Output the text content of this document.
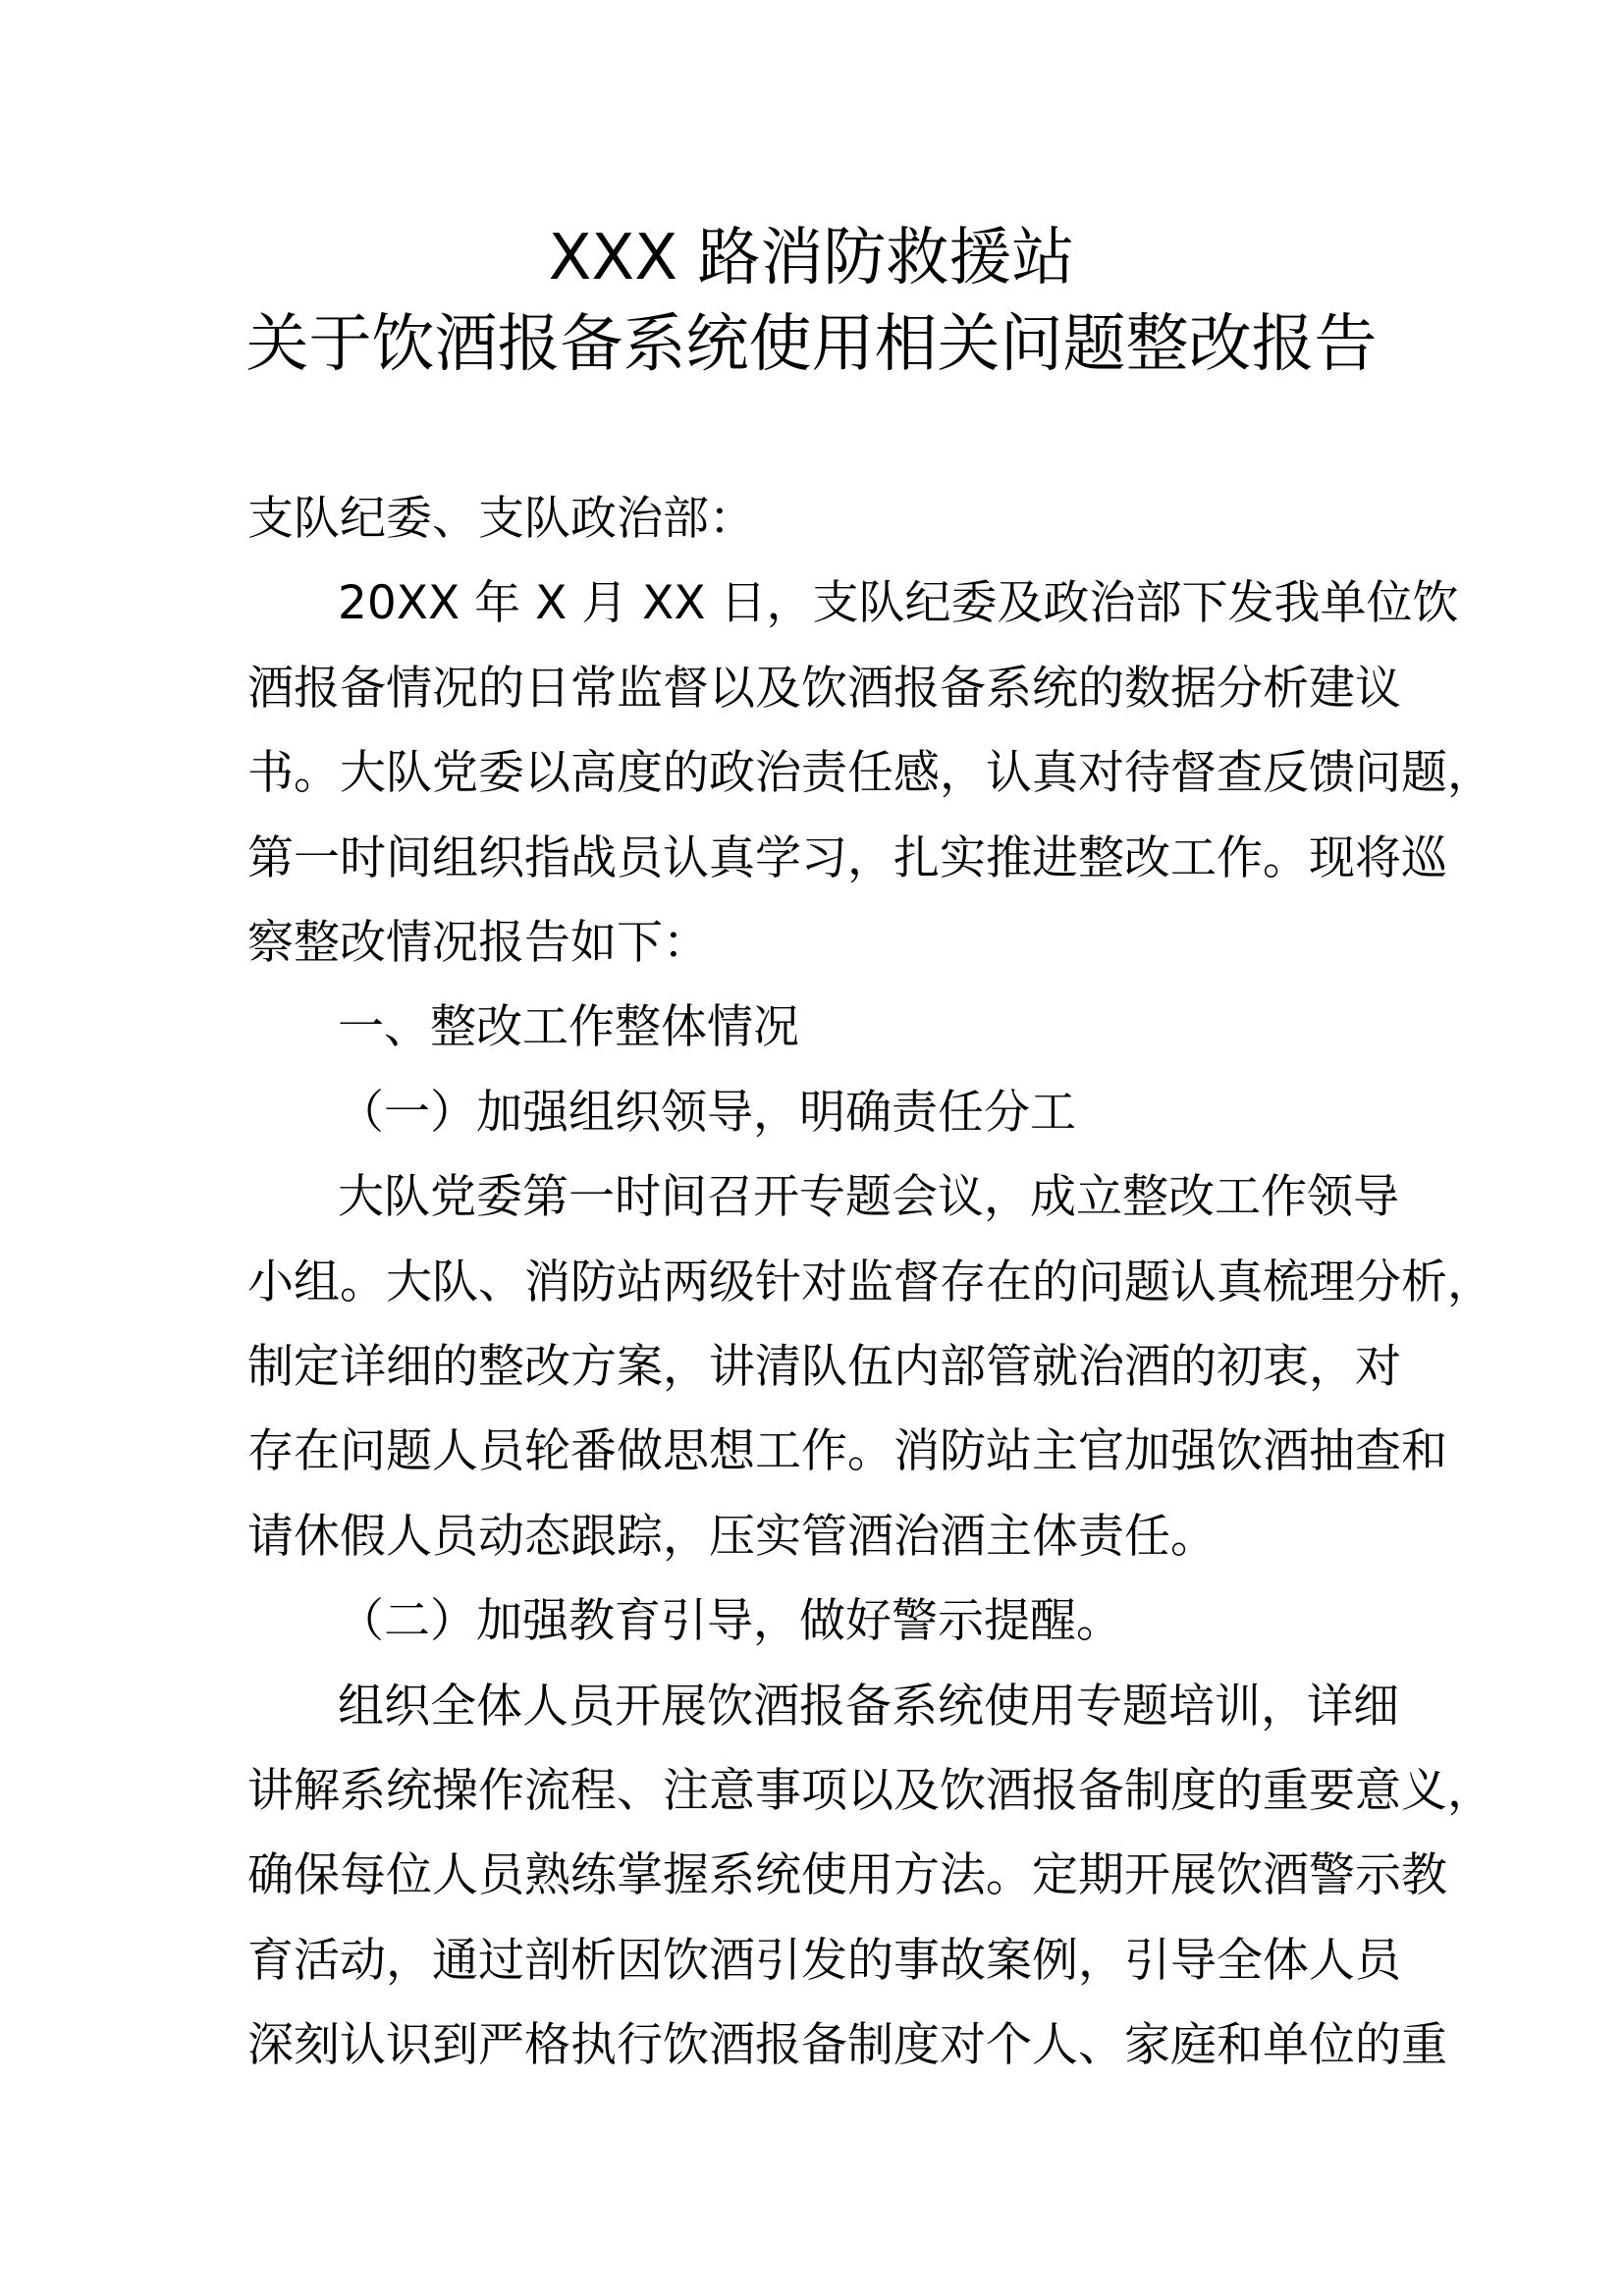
XXX 路消防救援站
关于饮酒报备系统使用相关问题整改报告
支队纪委、支队政治部：
20XX 年 X 月 XX 日，支队纪委及政治部下发我单位饮
酒报备情况的日常监督以及饮酒报备系统的数据分析建议
书。大队党委以高度的政治责任感，认真对待督查反馈问题，
第一时间组织指战员认真学习，扎实推进整改工作。现将巡
察整改情况报告如下：
一、整改工作整体情况
（一）加强组织领导，明确责任分工
大队党委第一时间召开专题会议，成立整改工作领导
小组。大队、消防站两级针对监督存在的问题认真梳理分析，
制定详细的整改方案，讲清队伍内部管就治酒的初衷，对
存在问题人员轮番做思想工作。消防站主官加强饮酒抽查和
请休假人员动态跟踪，压实管酒治酒主体责任。
（二）加强教育引导，做好警示提醒。
组织全体人员开展饮酒报备系统使用专题培训，详细
讲解系统操作流程、注意事项以及饮酒报备制度的重要意义，
确保每位人员熟练掌握系统使用方法。定期开展饮酒警示教
育活动，通过剖析因饮酒引发的事故案例，引导全体人员
深刻认识到严格执行饮酒报备制度对个人、家庭和单位的重
